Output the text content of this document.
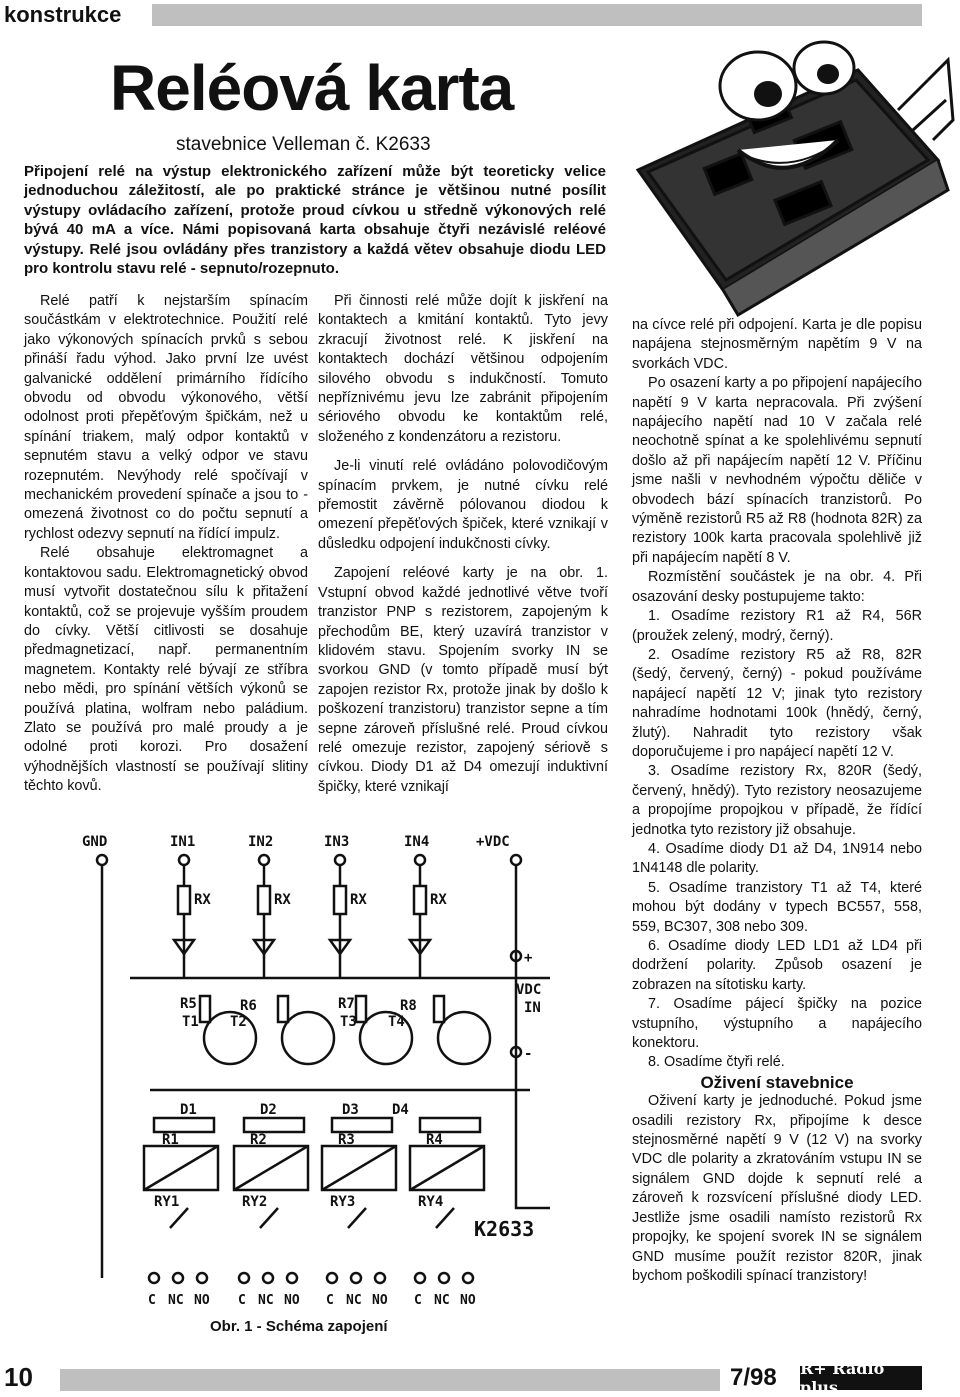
konstrukce
Reléová karta
stavebnice Velleman č. K2633
Připojení relé na výstup elektronického zařízení může být teoreticky velice jednoduchou záležitostí, ale po praktické stránce je většinou nutné posílit výstupy ovládacího zařízení, protože proud cívkou u středně výkonových relé bývá 40 mA a více. Námi popisovaná karta obsahuje čtyři nezávislé reléové výstupy. Relé jsou ovládány přes tranzistory a každá větev obsahuje diodu LED pro kontrolu stavu relé - sepnuto/rozepnuto.

Relé patří k nejstarším spínacím součástkám v elektrotechnice. Použití relé jako výkonových spínacích prvků s sebou přináší řadu výhod. Jako první lze uvést galvanické oddělení primárního řídícího obvodu od obvodu výkonového, větší odolnost proti přepěťovým špičkám, než u spínání triakem, malý odpor kontaktů v sepnutém stavu a velký odpor ve stavu rozepnutém. Nevýhody relé spočívají v mechanickém provedení spínače a jsou to - omezená životnost co do počtu sepnutí a rychlost odezvy sepnutí na řídící impulz.

Relé obsahuje elektromagnet a kontaktovou sadu. Elektromagnetický obvod musí vytvořit dostatečnou sílu k přitažení kontaktů, což se projevuje vyšším proudem do cívky. Větší citlivosti se dosahuje předmagnetizací, např. permanentním magnetem. Kontakty relé bývají ze stříbra nebo mědi, pro spínání větších výkonů se používá platina, wolfram nebo paládium. Zlato se používá pro malé proudy a je odolné proti korozi. Pro dosažení výhodnějších vlastností se používají slitiny těchto kovů.

Při činnosti relé může dojít k jiskření na kontaktech a kmitání kontaktů. Tyto jevy zkracují životnost relé. K jiskření na kontaktech dochází většinou odpojením silového obvodu s indukčností. Tomuto nepříznivému jevu lze zabránit připojením sériového obvodu ke kontaktům relé, složeného z kondenzátoru a rezistoru.

Je-li vinutí relé ovládáno polovodičovým spínacím prvkem, je nutné cívku relé přemostit závěrně pólovanou diodou k omezení přepěťových špiček, které vznikají v důsledku odpojení indukčnosti cívky.

Zapojení reléové karty je na obr. 1. Vstupní obvod každé jednotlivé větve tvoří tranzistor PNP s rezistorem, zapojeným k přechodům BE, který uzavírá tranzistor v klidovém stavu. Spojením svorky IN se svorkou GND (v tomto případě musí být zapojen rezistor Rx, protože jinak by došlo k poškození tranzistoru) tranzistor sepne a tím sepne zároveň příslušné relé. Proud cívkou relé omezuje rezistor, zapojený sériově s cívkou. Diody D1 až D4 omezují induktivní špičky, které vznikají

na cívce relé při odpojení. Karta je dle popisu napájena stejnosměrným napětím 9 V na svorkách VDC.

Po osazení karty a po připojení napájecího napětí 9 V karta nepracovala. Při zvýšení napájecího napětí nad 10 V začala relé neochotně spínat a ke spolehlivému sepnutí došlo až při napájecím napětí 12 V. Příčinu jsme našli v nevhodném výpočtu děliče v obvodech bází spínacích tranzistorů. Po výměně rezistorů R5 až R8 (hodnota 82R) za rezistory 100k karta pracovala spolehlivě již při napájecím napětí 8 V.

Rozmístění součástek je na obr. 4. Při osazování desky postupujeme takto:

1. Osadíme rezistory R1 až R4, 56R (proužek zelený, modrý, černý).

2. Osadíme rezistory R5 až R8, 82R (šedý, červený, černý) - pokud používáme napájecí napětí 12 V; jinak tyto rezistory nahradíme hodnotami 100k (hnědý, černý, žlutý). Nahradit tyto rezistory však doporučujeme i pro napájecí napětí 12 V.

3. Osadíme rezistory Rx, 820R (šedý, červený, hnědý). Tyto rezistory neosazujeme a propojíme propojkou v případě, že řídící jednotka tyto rezistory již obsahuje.

4. Osadíme diody D1 až D4, 1N914 nebo 1N4148 dle polarity.

5. Osadíme tranzistory T1 až T4, které mohou být dodány v typech BC557, 558, 559, BC307, 308 nebo 309.

6. Osadíme diody LED LD1 až LD4 při dodržení polarity. Způsob osazení je zobrazen na sítotisku karty.

7. Osadíme pájecí špičky na pozice vstupního, výstupního a napájecího konektoru.

8. Osadíme čtyři relé.

Oživení stavebnice

Oživení karty je jednoduché. Pokud jsme osadili rezistory Rx, připojíme k desce stejnosměrné napětí 9 V (12 V) na svorky VDC dle polarity a zkratováním vstupu IN se signálem GND dojde k sepnutí relé a zároveň k rozsvícení příslušné diody LED. Jestliže jsme osadili namísto rezistorů Rx propojky, ke spojení svorek IN se signálem GND musíme použít rezistor 820R, jinak bychom poškodili spínací tranzistory!

GND	IN1	IN2	IN3	IN4	+VDC
RX	RX	RX	RX
R5	R6	R7	R8
T1 T2	T3 T4
D1	D2	D3 D4
R1	R2	R3	R4
RY1	RY2	RY3	RY4
+
VDC
IN
-
K2633
C NC NO C NC NO C NC NO C NC NO
Obr. 1 - Schéma zapojení
10	7/98 R+ Rádio plus
